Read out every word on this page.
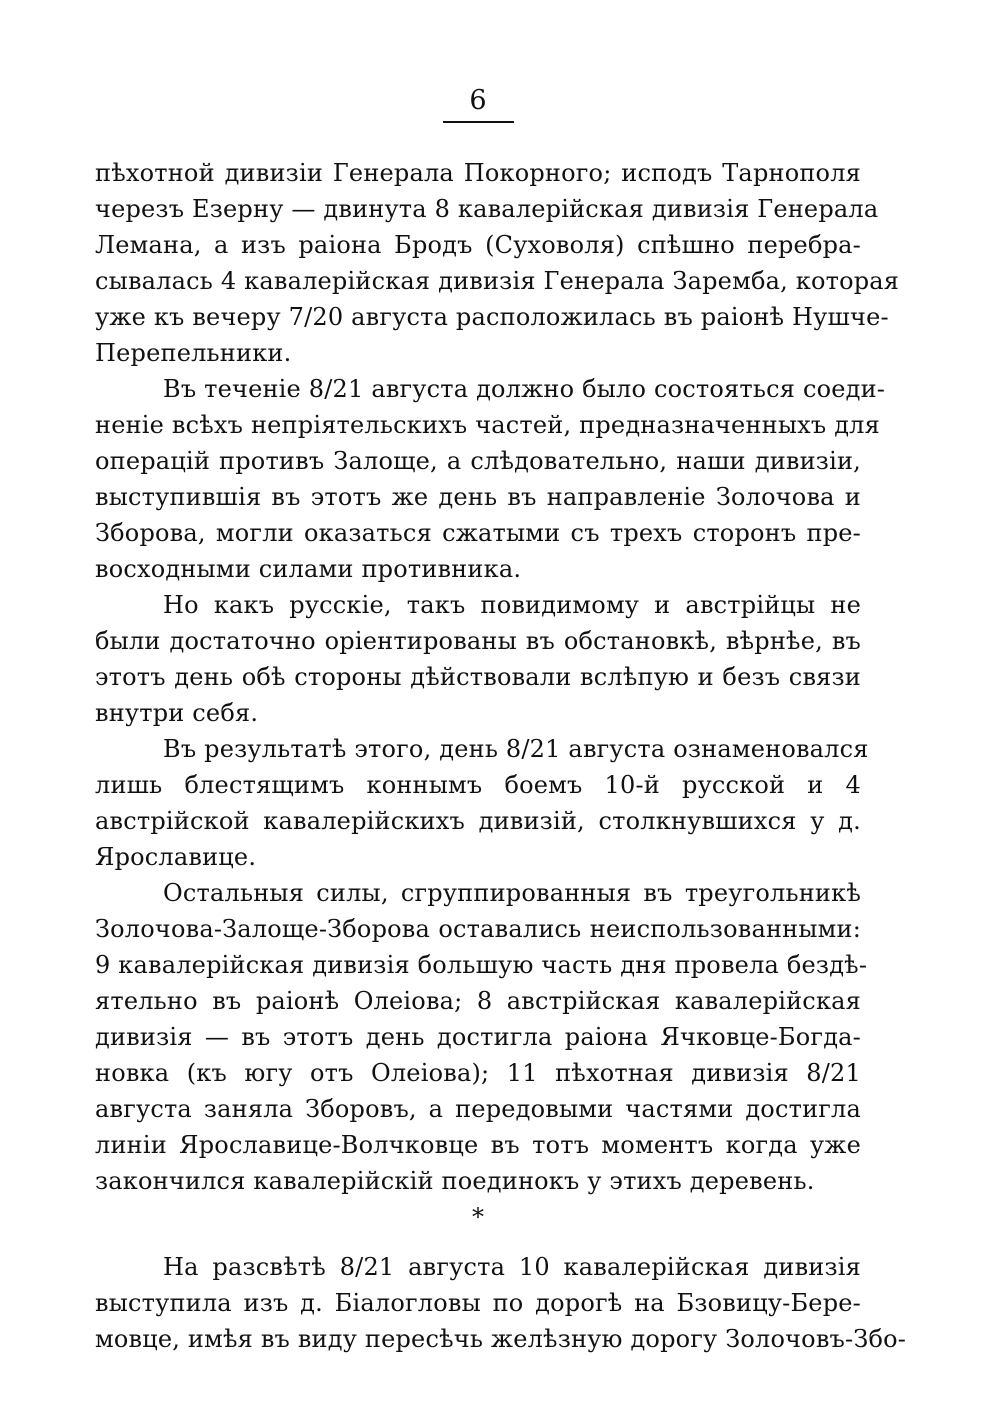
6
пѣхотной дивизіи Генерала Покорного; исподъ Тарнополя
черезъ Езерну — двинута 8 кавалерійская дивизія Генерала
Лемана, а изъ раіона Бродъ (Суховоля) спѣшно перебра-
сывалась 4 кавалерійская дивизія Генерала Заремба, которая
уже къ вечеру 7/20 августа расположилась въ раіонѣ Нушче-
Перепельники.
Въ теченіе 8/21 августа должно было состояться соеди-
неніе всѣхъ непріятельскихъ частей, предназначенныхъ для
операцій противъ Залоще, а слѣдовательно, наши дивизіи,
выступившія въ этотъ же день въ направленіе Золочова и
Зборова, могли оказаться сжатыми съ трехъ сторонъ пре-
восходными силами противника.
Но какъ русскіе, такъ повидимому и австрійцы не
были достаточно оріентированы въ обстановкѣ, вѣрнѣе, въ
этотъ день обѣ стороны дѣйствовали вслѣпую и безъ связи
внутри себя.
Въ результатѣ этого, день 8/21 августа ознаменовался
лишь блестящимъ коннымъ боемъ 10-й русской и 4
австрійской кавалерійскихъ дивизій, столкнувшихся у д.
Ярославице.
Остальныя силы, сгруппированныя въ треугольникѣ
Золочова-Залоще-Зборова оставались неиспользованными:
9 кавалерійская дивизія большую часть дня провела бездѣ-
ятельно въ раіонѣ Олеіова; 8 австрійская кавалерійская
дивизія — въ этотъ день достигла раіона Ячковце-Богда-
новка (къ югу отъ Олеіова); 11 пѣхотная дивизія 8/21
августа заняла Зборовъ, а передовыми частями достигла
линіи Ярославице-Волчковце въ тотъ моментъ когда уже
закончился кавалерійскій поединокъ у этихъ деревень.
*
На разсвѣтѣ 8/21 августа 10 кавалерійская дивизія
выступила изъ д. Біалогловы по дорогѣ на Бзовицу-Бере-
мовце, имѣя въ виду пересѣчь желѣзную дорогу Золочовъ-Збо-
